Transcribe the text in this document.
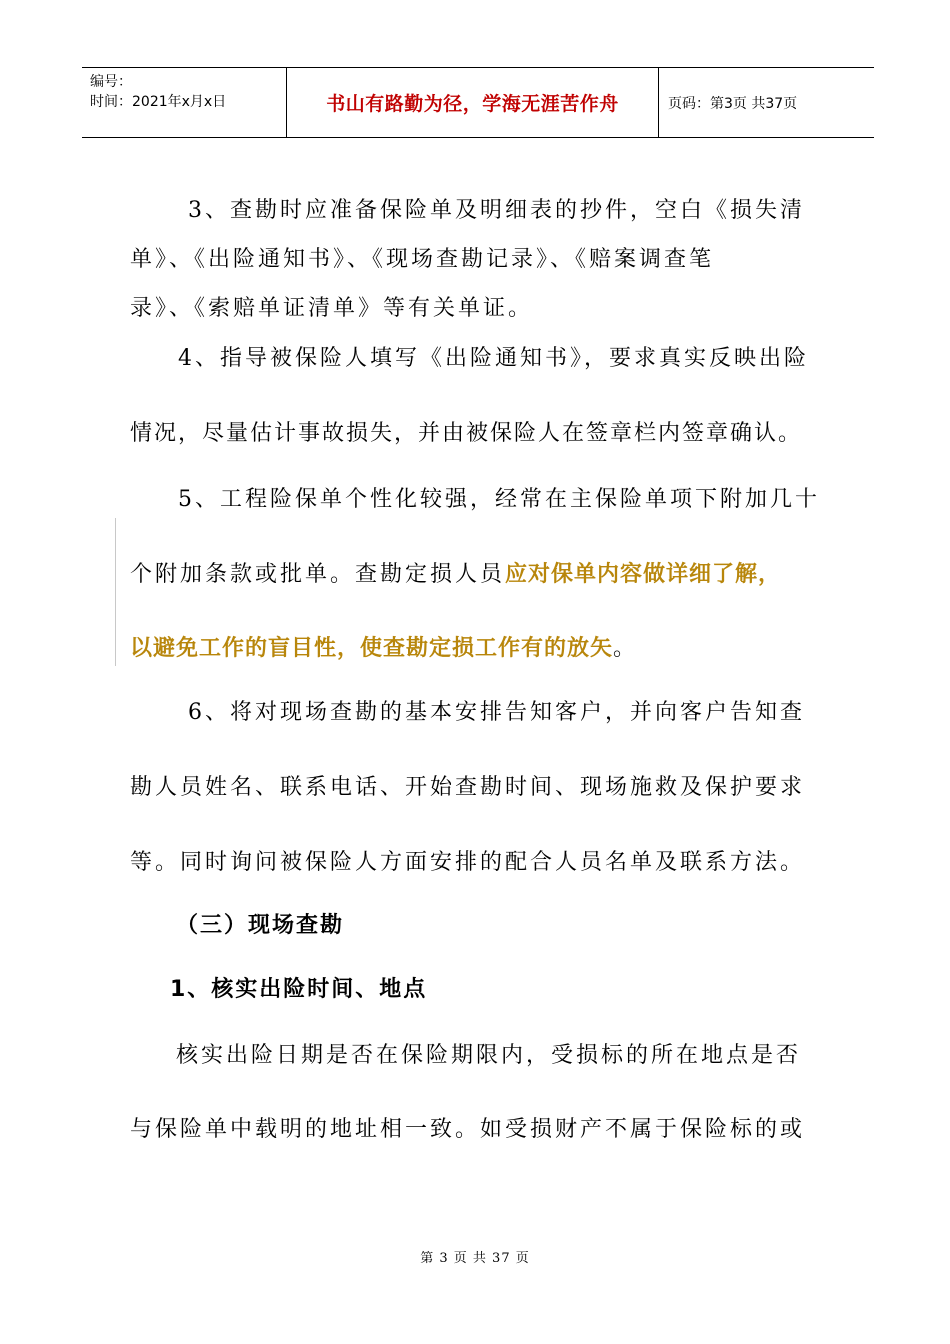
编号：
时间：2021年x月x日	书山有路勤为径，学海无涯苦作舟	页码：第3页 共37页
3、查勘时应准备保险单及明细表的抄件，空白《损失清
单》、《出险通知书》、《现场查勘记录》、《赔案调查笔
录》、《索赔单证清单》等有关单证。
4、指导被保险人填写《出险通知书》，要求真实反映出险
情况，尽量估计事故损失，并由被保险人在签章栏内签章确认。
5、工程险保单个性化较强，经常在主保险单项下附加几十
个附加条款或批单。查勘定损人员应对保单内容做详细了解，
以避免工作的盲目性，使查勘定损工作有的放矢。
6、将对现场查勘的基本安排告知客户，并向客户告知查
勘人员姓名、联系电话、开始查勘时间、现场施救及保护要求
等。同时询问被保险人方面安排的配合人员名单及联系方法。
（三）现场查勘
1、核实出险时间、地点
核实出险日期是否在保险期限内，受损标的所在地点是否
与保险单中载明的地址相一致。如受损财产不属于保险标的或
第 3 页 共 37 页
